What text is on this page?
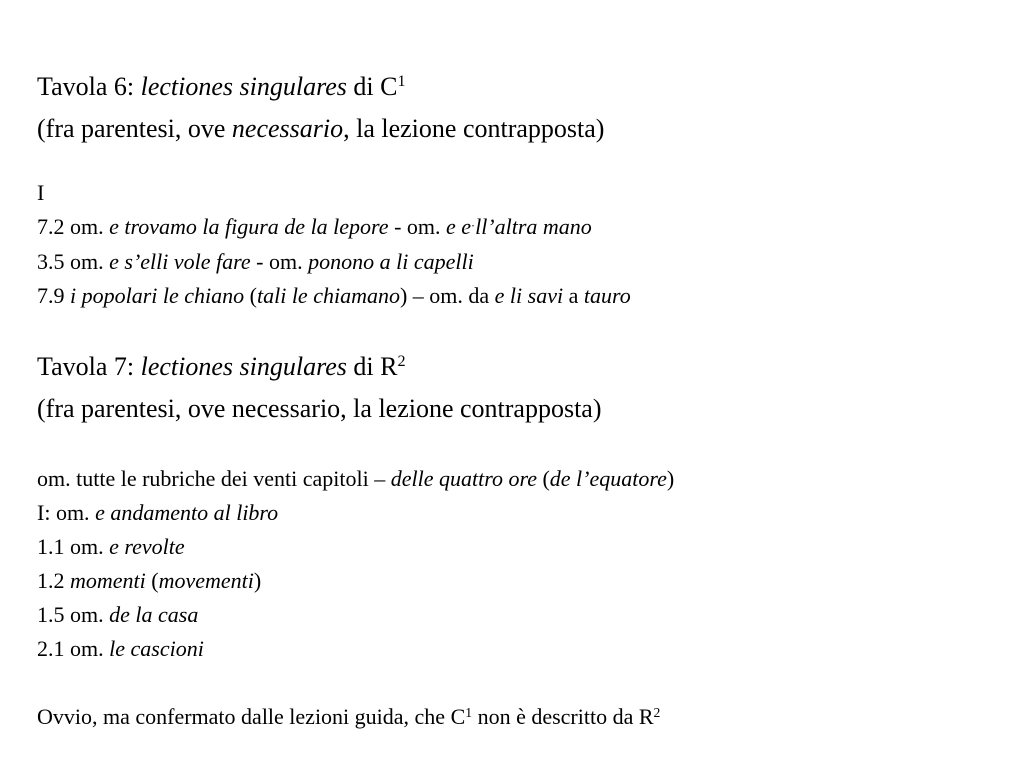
Tavola 6: lectiones singulares di $C^1$
(fra parentesi, ove necessario, la lezione contrapposta)
I
7.2 om. e trovamo la figura de la lepore - om. e e·ll’altra mano
3.5 om. e s’elli vole fare - om. ponono a li capelli
7.9 i popolari le chiano (tali le chiamano) – om. da e li savi a tauro
Tavola 7: lectiones singulares di $R^2$
(fra parentesi, ove necessario, la lezione contrapposta)
om. tutte le rubriche dei venti capitoli – delle quattro ore (de l’equatore)
I: om. e andamento al libro
1.1 om. e revolte
1.2 momenti (movementi)
1.5 om. de la casa
2.1 om. le cascioni
Ovvio, ma confermato dalle lezioni guida, che $C^1$ non è descritto da $R^2$
